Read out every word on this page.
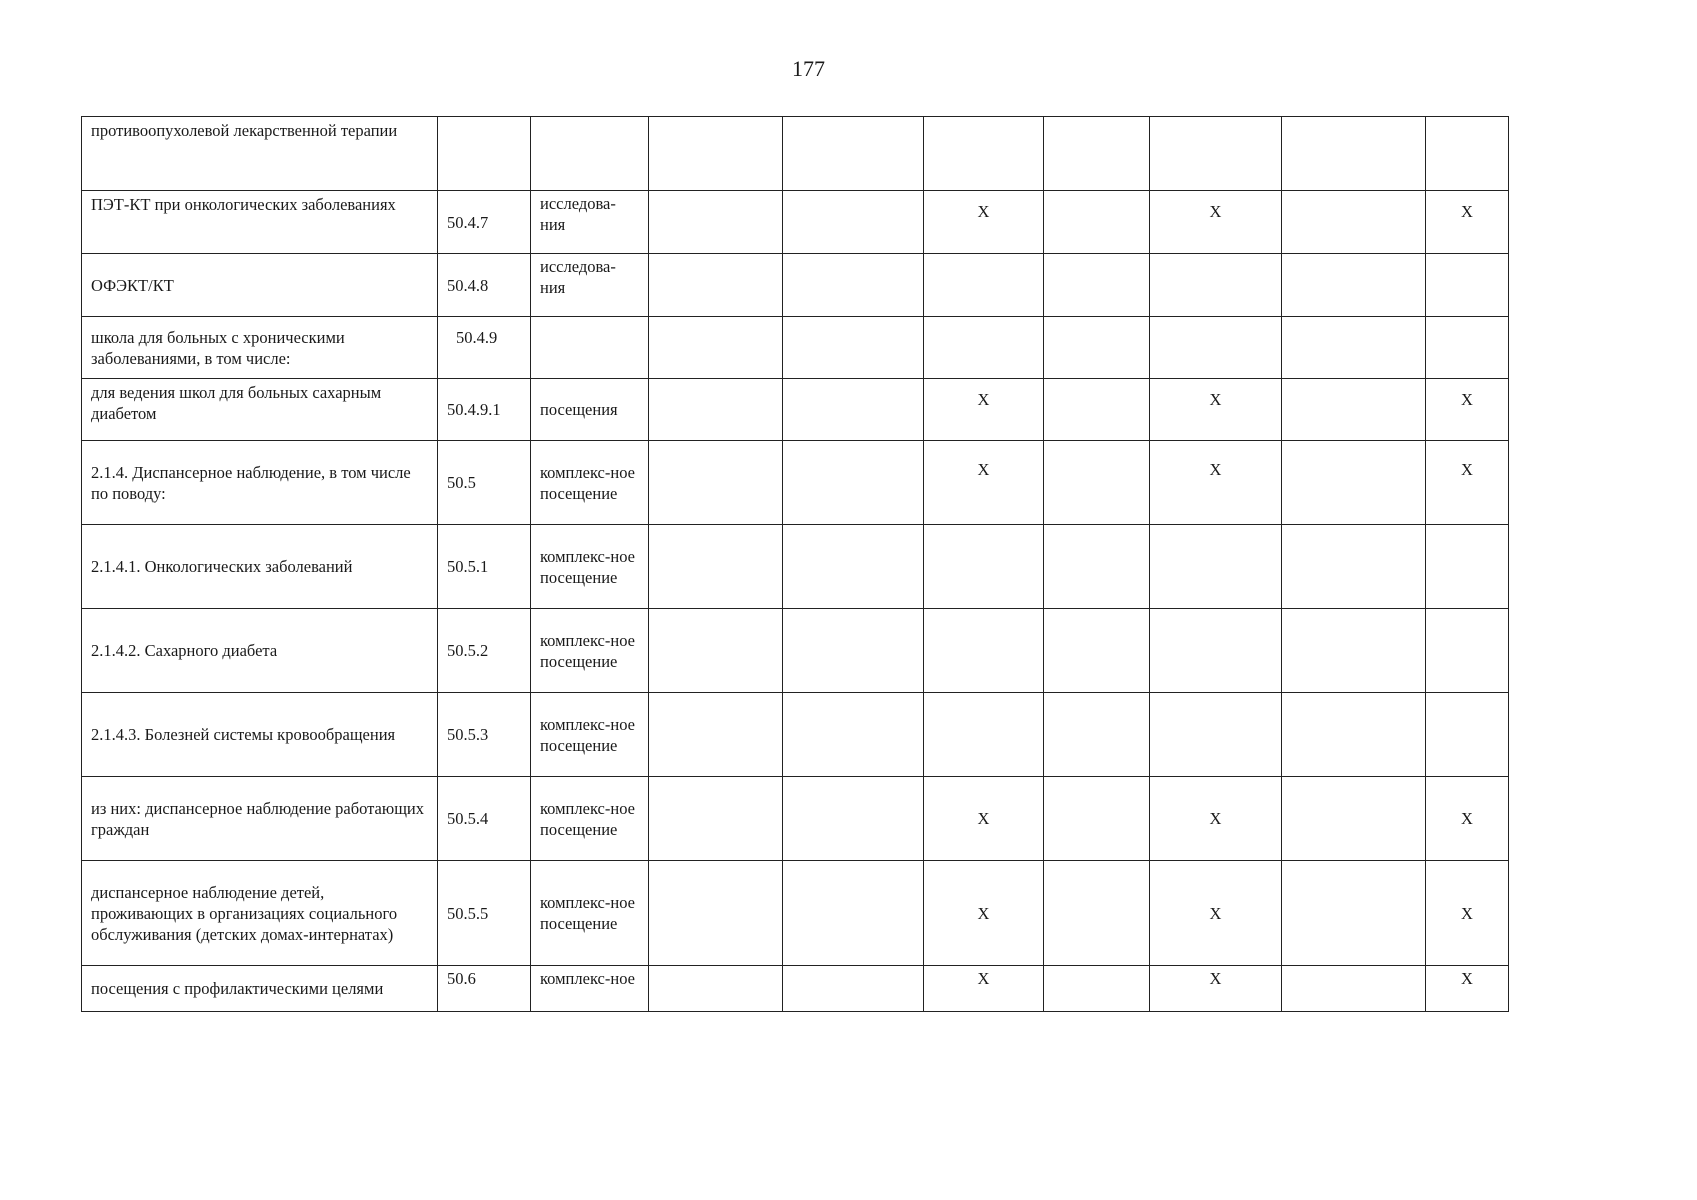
177
противоопухолевой лекарственной терапии									
ПЭТ-КТ при онкологических заболеваниях	50.4.7	исследова-ния			X		X		X
ОФЭКТ/КТ	50.4.8	исследова-ния							
школа для больных с хроническими заболеваниями, в том числе:	50.4.9								
для ведения школ для больных сахарным диабетом	50.4.9.1	посещения			X		X		X
2.1.4. Диспансерное наблюдение, в том числе по поводу:	50.5	комплекс-ное посещение			X		X		X
2.1.4.1. Онкологических заболеваний	50.5.1	комплекс-ное посещение							
2.1.4.2. Сахарного диабета	50.5.2	комплекс-ное посещение							
2.1.4.3. Болезней системы кровообращения	50.5.3	комплекс-ное посещение							
из них: диспансерное наблюдение работающих граждан	50.5.4	комплекс-ное посещение			X		X		X
диспансерное наблюдение детей, проживающих в организациях социального обслуживания (детских домах-интернатах)	50.5.5	комплекс-ное посещение			X		X		X
посещения с профилактическими целями	50.6	комплекс-ное			X		X		X
